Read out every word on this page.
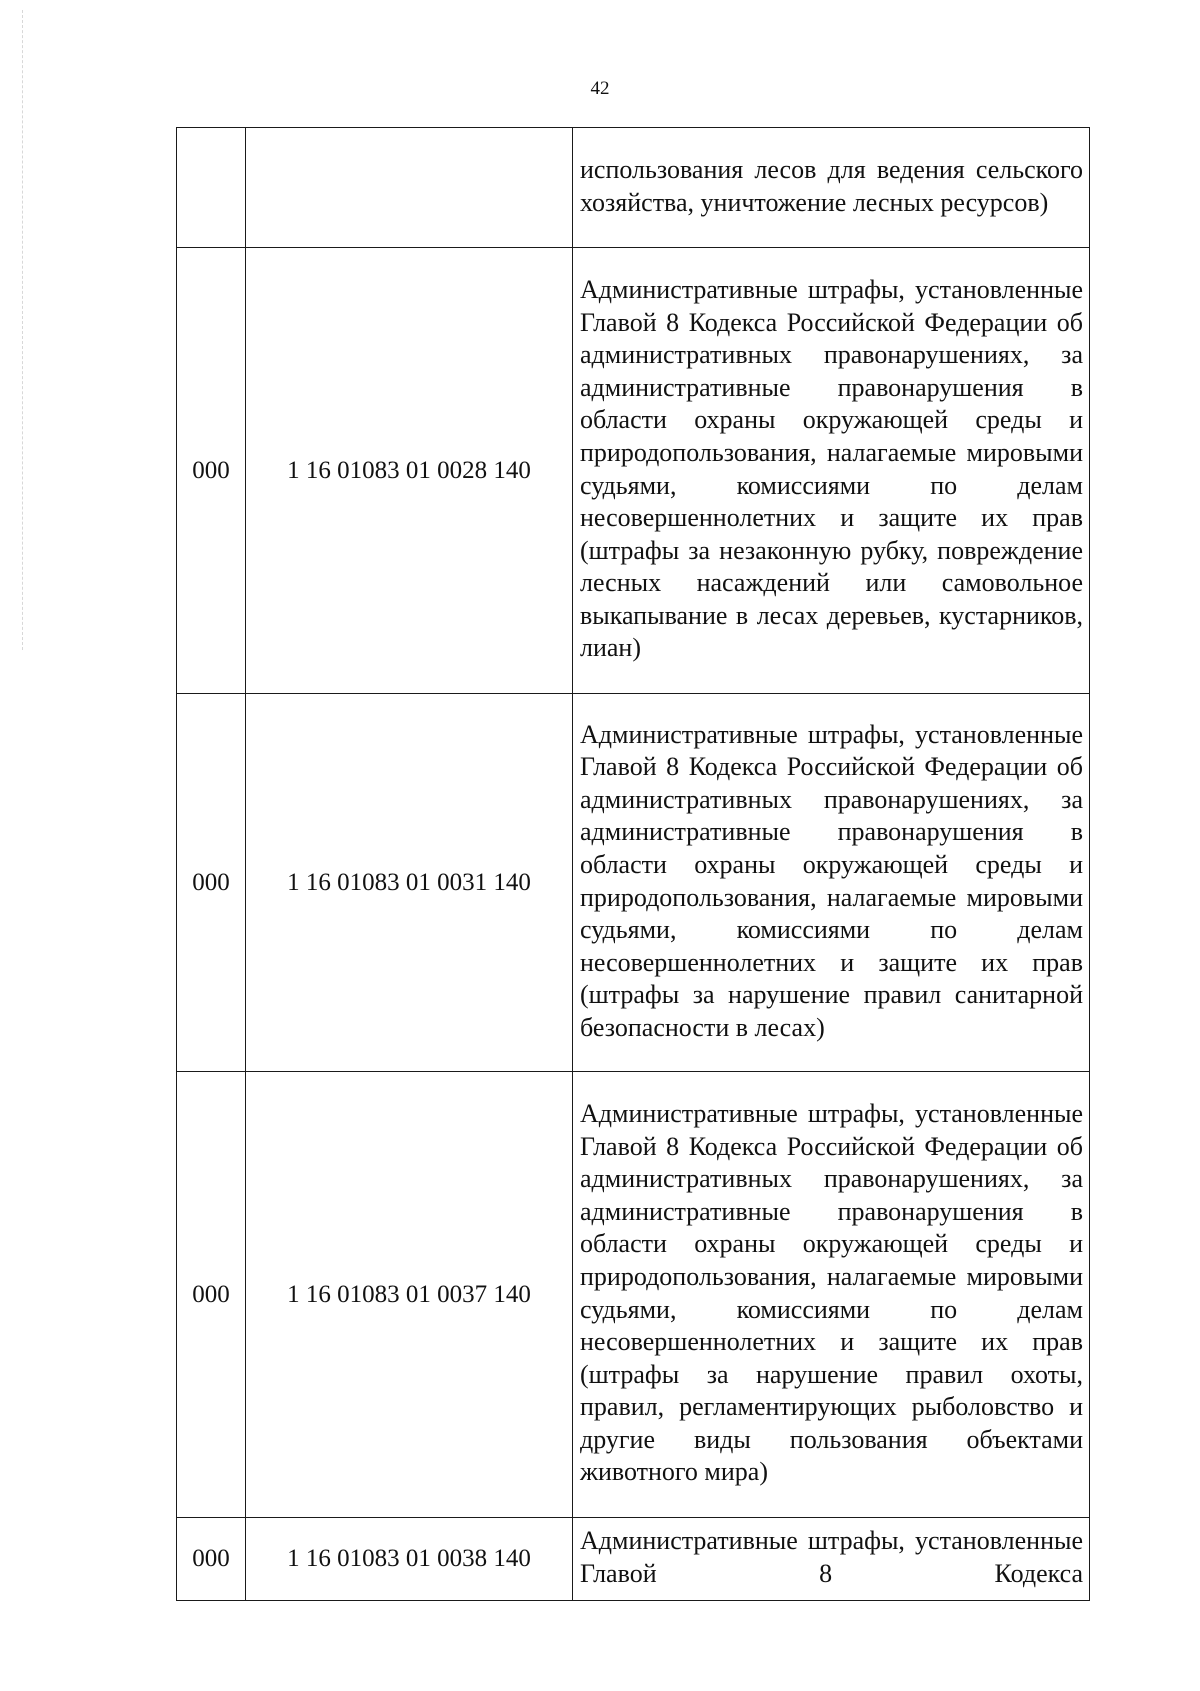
42

		использования лесов для ведения сельского хозяйства, уничтожение лесных ресурсов)

000	1 16 01083 01 0028 140	Административные штрафы, установленные Главой 8 Кодекса Российской Федерации об административных правонарушениях, за административные правонарушения в области охраны окружающей среды и природопользования, налагаемые мировыми судьями, комиссиями по делам несовершеннолетних и защите их прав (штрафы за незаконную рубку, повреждение лесных насаждений или самовольное выкапывание в лесах деревьев, кустарников, лиан)

000	1 16 01083 01 0031 140	Административные штрафы, установленные Главой 8 Кодекса Российской Федерации об административных правонарушениях, за административные правонарушения в области охраны окружающей среды и природопользования, налагаемые мировыми судьями, комиссиями по делам несовершеннолетних и защите их прав (штрафы за нарушение правил санитарной безопасности в лесах)

000	1 16 01083 01 0037 140	Административные штрафы, установленные Главой 8 Кодекса Российской Федерации об административных правонарушениях, за административные правонарушения в области охраны окружающей среды и природопользования, налагаемые мировыми судьями, комиссиями по делам несовершеннолетних и защите их прав (штрафы за нарушение правил охоты, правил, регламентирующих рыболовство и другие виды пользования объектами животного мира)

000	1 16 01083 01 0038 140	Административные штрафы, установленные Главой 8 Кодекса
